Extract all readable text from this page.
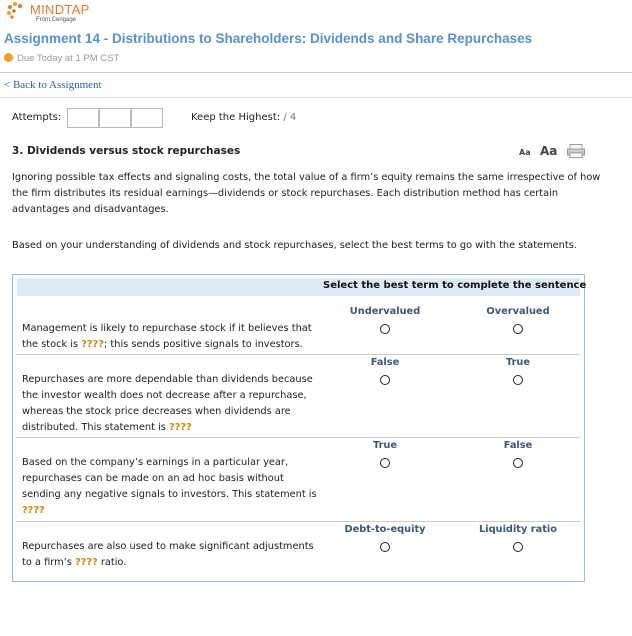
MINDTAP
From Cengage
Assignment 14 - Distributions to Shareholders: Dividends and Share Repurchases
Due Today at 1 PM CST
< Back to Assignment
Attempts:	Keep the Highest: / 4
3. Dividends versus stock repurchases	Aa Aa
Ignoring possible tax effects and signaling costs, the total value of a firm’s equity remains the same irrespective of how the firm distributes its residual earnings—dividends or stock repurchases. Each distribution method has certain advantages and disadvantages.
Based on your understanding of dividends and stock repurchases, select the best terms to go with the statements.
Select the best term to complete the sentence
Undervalued	Overvalued
Management is likely to repurchase stock if it believes that the stock is ????; this sends positive signals to investors.
False	True
Repurchases are more dependable than dividends because the investor wealth does not decrease after a repurchase, whereas the stock price decreases when dividends are distributed. This statement is ????
True	False
Based on the company’s earnings in a particular year, repurchases can be made on an ad hoc basis without sending any negative signals to investors. This statement is ????
Debt-to-equity	Liquidity ratio
Repurchases are also used to make significant adjustments to a firm’s ???? ratio.
